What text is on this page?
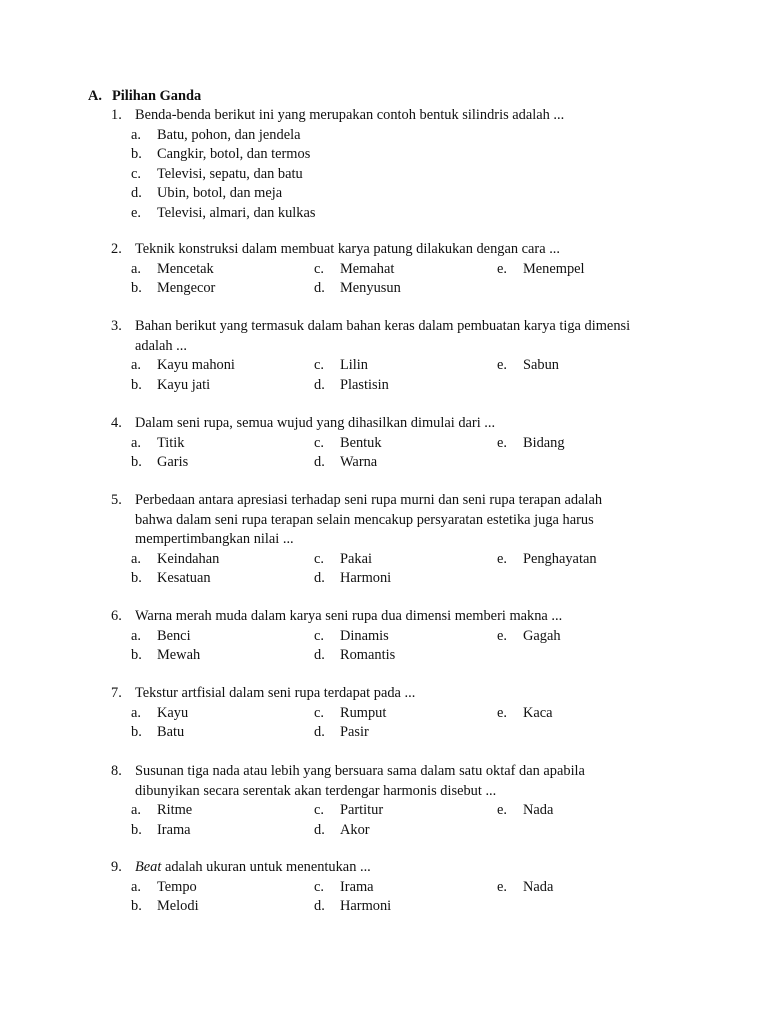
A. Pilihan Ganda
1. Benda-benda berikut ini yang merupakan contoh bentuk silindris adalah ...
a.	Batu, pohon, dan jendela
b.	Cangkir, botol, dan termos
c.	Televisi, sepatu, dan batu
d.	Ubin, botol, dan meja
e.	Televisi, almari, dan kulkas
2. Teknik konstruksi dalam membuat karya patung dilakukan dengan cara ...
a.	Mencetak	c.	Memahat	e.	Menempel
b.	Mengecor	d.	Menyusun
3. Bahan berikut yang termasuk dalam bahan keras dalam pembuatan karya tiga dimensi
adalah ...
a.	Kayu mahoni	c.	Lilin	e.	Sabun
b.	Kayu jati	d.	Plastisin
4. Dalam seni rupa, semua wujud yang dihasilkan dimulai dari ...
a.	Titik	c.	Bentuk	e.	Bidang
b.	Garis	d.	Warna
5. Perbedaan antara apresiasi terhadap seni rupa murni dan seni rupa terapan adalah
bahwa dalam seni rupa terapan selain mencakup persyaratan estetika juga harus
mempertimbangkan nilai ...
a.	Keindahan	c.	Pakai	e.	Penghayatan
b.	Kesatuan	d.	Harmoni
6. Warna merah muda dalam karya seni rupa dua dimensi memberi makna ...
a.	Benci	c.	Dinamis	e.	Gagah
b.	Mewah	d.	Romantis
7. Tekstur artfisial dalam seni rupa terdapat pada ...
a.	Kayu	c.	Rumput	e.	Kaca
b.	Batu	d.	Pasir
8. Susunan tiga nada atau lebih yang bersuara sama dalam satu oktaf dan apabila
dibunyikan secara serentak akan terdengar harmonis disebut ...
a.	Ritme	c.	Partitur	e.	Nada
b.	Irama	d.	Akor
9. Beat adalah ukuran untuk menentukan ...
a.	Tempo	c.	Irama	e.	Nada
b.	Melodi	d.	Harmoni
